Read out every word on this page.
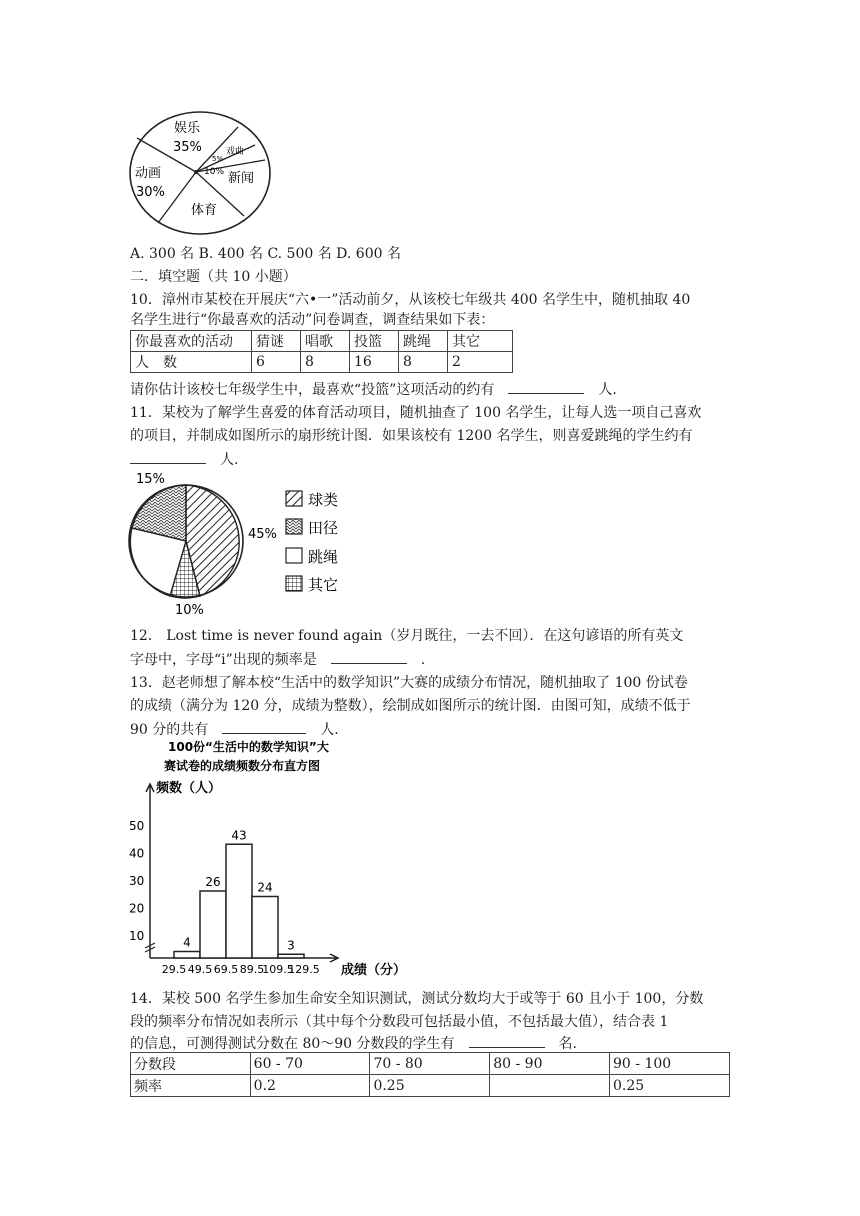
娱乐
35%
动画
30%
体育
戏曲
5%
新闻
10%
A. 300 名 B. 400 名 C. 500 名 D. 600 名
二．填空题（共 10 小题）
10．漳州市某校在开展庆“六•一”活动前夕，从该校七年级共 400 名学生中，随机抽取 40
名学生进行“你最喜欢的活动”问卷调查，调查结果如下表：
你最喜欢的活动	猜谜	唱歌	投篮	跳绳	其它
人　数	6	8	16	8	2
请你估计该校七年级学生中，最喜欢“投篮”这项活动的约有	人.
11．某校为了解学生喜爱的体育活动项目，随机抽查了 100 名学生，让每人选一项自己喜欢
的项目，并制成如图所示的扇形统计图．如果该校有 1200 名学生，则喜爱跳绳的学生约有
人.
15%
45%
10%
球类
田径
跳绳
其它
12． Lost time is never found again（岁月既往，一去不回）．在这句谚语的所有英文
字母中，字母“i”出现的频率是	.
13．赵老师想了解本校“生活中的数学知识”大赛的成绩分布情况，随机抽取了 100 份试卷
的成绩（满分为 120 分，成绩为整数），绘制成如图所示的统计图．由图可知，成绩不低于
90 分的共有	人.
100份“生活中的数学知识”大
赛试卷的成绩频数分布直方图
频数（人）
成绩（分）
10
20
30
40
50
4
26
43
24
3
29.5 49.5 69.5 89.5
109.5
129.5
14．某校 500 名学生参加生命安全知识测试，测试分数均大于或等于 60 且小于 100，分数
段的频率分布情况如表所示（其中每个分数段可包括最小值，不包括最大值），结合表 1
的信息，可测得测试分数在 80～90 分数段的学生有	名.
分数段	60 - 70	70 - 80	80 - 90	90 - 100
频率	0.2	0.25		0.25
